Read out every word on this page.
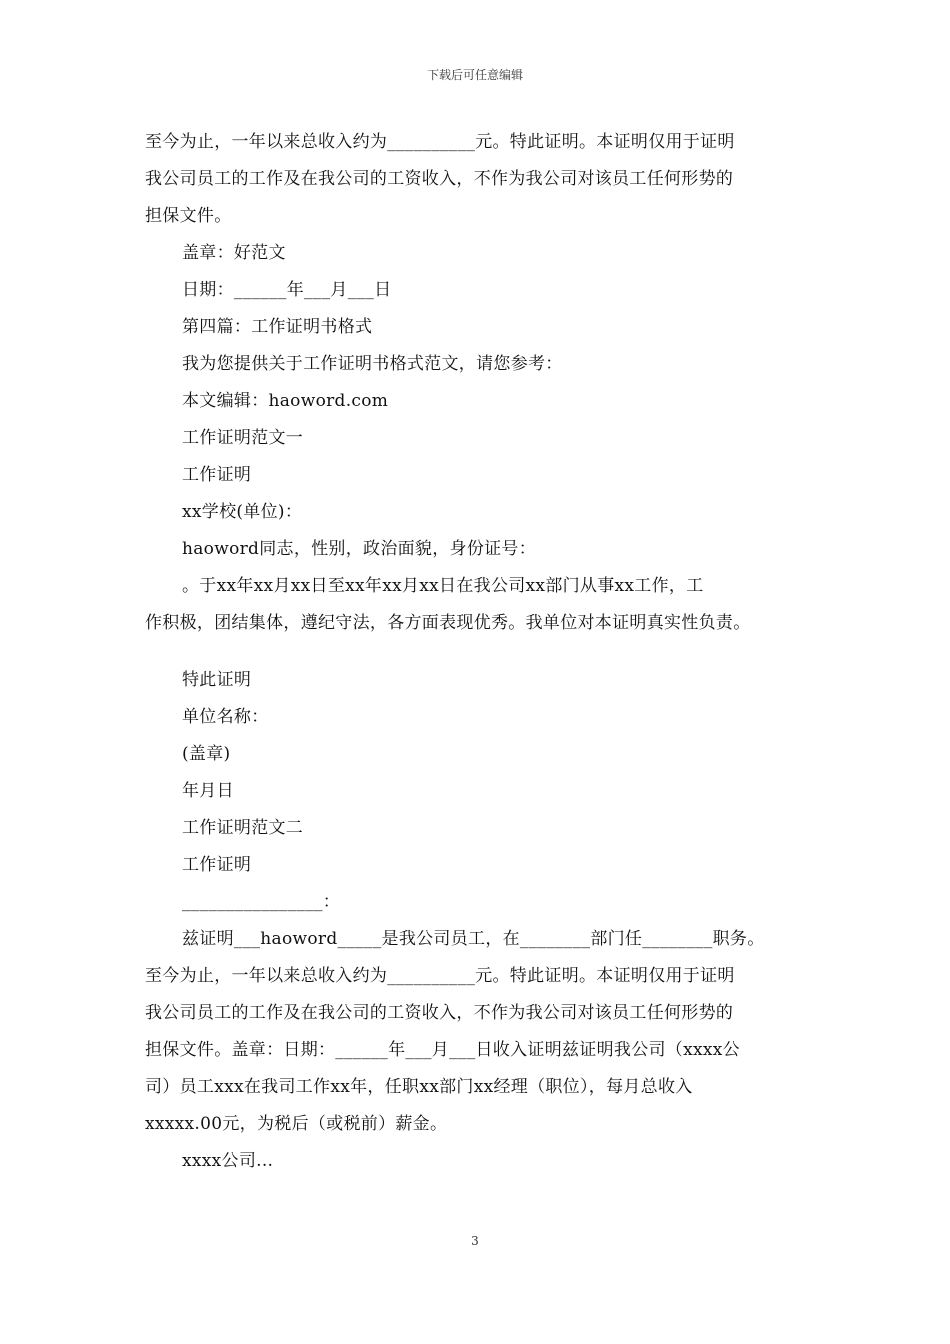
下载后可任意编辑
至今为止，一年以来总收入约为__________元。特此证明。本证明仅用于证明
我公司员工的工作及在我公司的工资收入，不作为我公司对该员工任何形势的
担保文件。
盖章：好范文
日期：______年___月___日
第四篇：工作证明书格式
我为您提供关于工作证明书格式范文，请您参考：
本文编辑：haoword.com
工作证明范文一
工作证明
xx学校(单位)：
haoword同志，性别，政治面貌，身份证号：
。于xx年xx月xx日至xx年xx月xx日在我公司xx部门从事xx工作，工
作积极，团结集体，遵纪守法，各方面表现优秀。我单位对本证明真实性负责。
特此证明
单位名称：
(盖章)
年月日
工作证明范文二
工作证明
________________：
兹证明___haoword_____是我公司员工，在________部门任________职务。
至今为止，一年以来总收入约为__________元。特此证明。本证明仅用于证明
我公司员工的工作及在我公司的工资收入，不作为我公司对该员工任何形势的
担保文件。盖章：日期：______年___月___日收入证明兹证明我公司（xxxx公
司）员工xxx在我司工作xx年，任职xx部门xx经理（职位），每月总收入
xxxxx.00元，为税后（或税前）薪金。
xxxx公司...
3
